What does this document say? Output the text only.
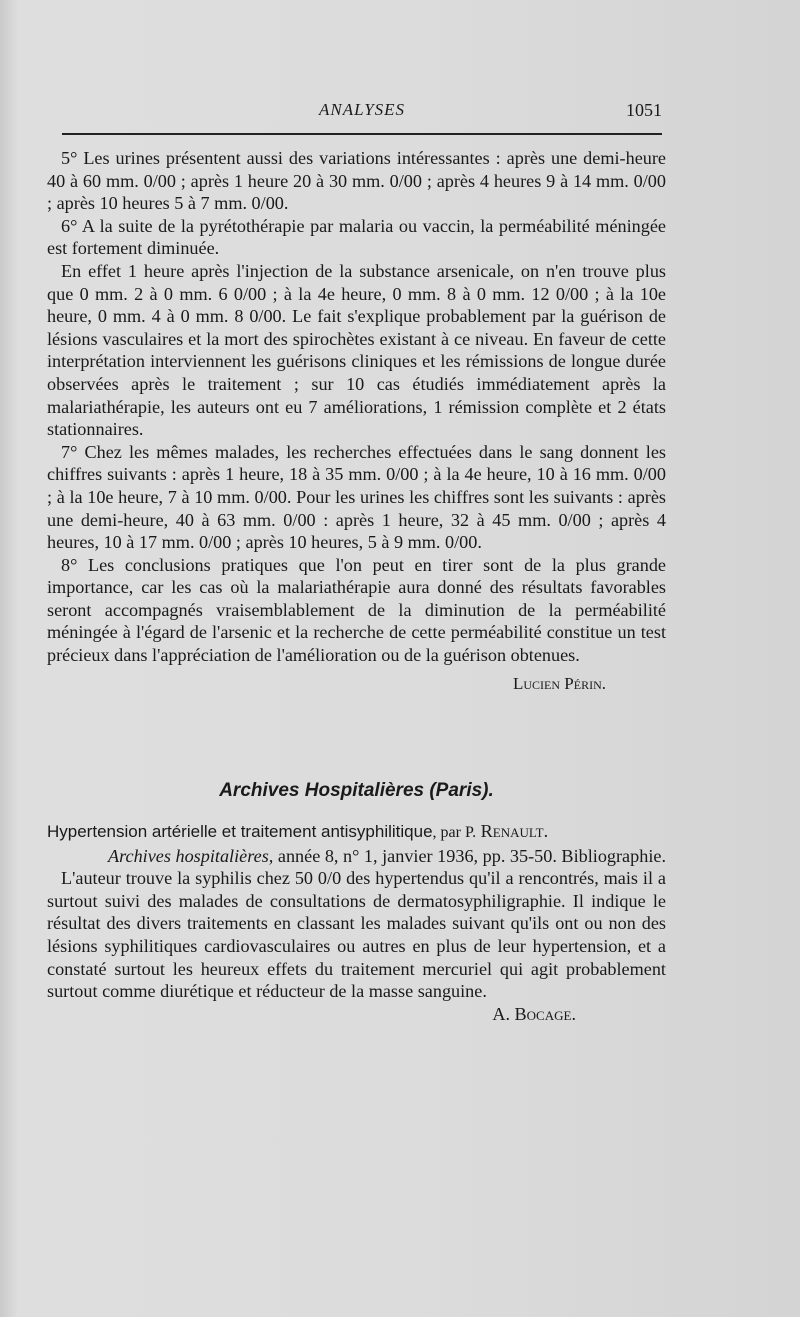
ANALYSES	1051

5° Les urines présentent aussi des variations intéressantes : après une demi-heure 40 à 60 mm. 0/00 ; après 1 heure 20 à 30 mm. 0/00 ; après 4 heures 9 à 14 mm. 0/00 ; après 10 heures 5 à 7 mm. 0/00.

6° A la suite de la pyrétothérapie par malaria ou vaccin, la perméabilité méningée est fortement diminuée.

En effet 1 heure après l'injection de la substance arsenicale, on n'en trouve plus que 0 mm. 2 à 0 mm. 6 0/00 ; à la 4e heure, 0 mm. 8 à 0 mm. 12 0/00 ; à la 10e heure, 0 mm. 4 à 0 mm. 8 0/00. Le fait s'explique probablement par la guérison de lésions vasculaires et la mort des spirochètes existant à ce niveau. En faveur de cette interprétation interviennent les guérisons cliniques et les rémissions de longue durée observées après le traitement ; sur 10 cas étudiés immédiatement après la malariathérapie, les auteurs ont eu 7 améliorations, 1 rémission complète et 2 états stationnaires.

7° Chez les mêmes malades, les recherches effectuées dans le sang donnent les chiffres suivants : après 1 heure, 18 à 35 mm. 0/00 ; à la 4e heure, 10 à 16 mm. 0/00 ; à la 10e heure, 7 à 10 mm. 0/00. Pour les urines les chiffres sont les suivants : après une demi-heure, 40 à 63 mm. 0/00 : après 1 heure, 32 à 45 mm. 0/00 ; après 4 heures, 10 à 17 mm. 0/00 ; après 10 heures, 5 à 9 mm. 0/00.

8° Les conclusions pratiques que l'on peut en tirer sont de la plus grande importance, car les cas où la malariathérapie aura donné des résultats favorables seront accompagnés vraisemblablement de la diminution de la perméabilité méningée à l'égard de l'arsenic et la recherche de cette perméabilité constitue un test précieux dans l'appréciation de l'amélioration ou de la guérison obtenues.

Lucien Périn.
Archives Hospitalières (Paris).

Hypertension artérielle et traitement antisyphilitique, par P. Renault.

Archives hospitalières, année 8, n° 1, janvier 1936, pp. 35-50. Bibliographie.

L'auteur trouve la syphilis chez 50 0/0 des hypertendus qu'il a rencontrés, mais il a surtout suivi des malades de consultations de dermatosyphiligraphie. Il indique le résultat des divers traitements en classant les malades suivant qu'ils ont ou non des lésions syphilitiques cardiovasculaires ou autres en plus de leur hypertension, et a constaté surtout les heureux effets du traitement mercuriel qui agit probablement surtout comme diurétique et réducteur de la masse sanguine.
A. Bocage.
